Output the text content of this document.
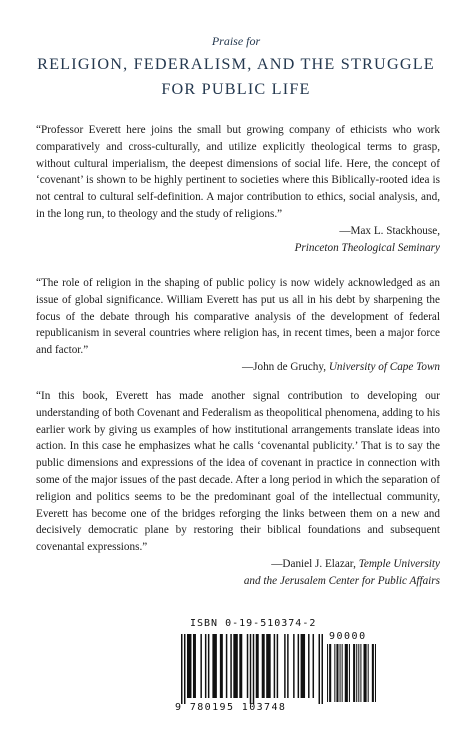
Praise for
RELIGION, FEDERALISM, AND THE STRUGGLE
FOR PUBLIC LIFE
“Professor Everett here joins the small but growing company of ethicists who work comparatively and cross-culturally, and utilize explicitly theological terms to grasp, without cultural imperialism, the deepest dimensions of social life. Here, the concept of ‘covenant’ is shown to be highly pertinent to societies where this Biblically-rooted idea is not central to cultural self-definition. A major contribution to ethics, social analysis, and, in the long run, to theology and the study of religions.”
—Max L. Stackhouse,
Princeton Theological Seminary
“The role of religion in the shaping of public policy is now widely acknowledged as an issue of global significance. William Everett has put us all in his debt by sharpening the focus of the debate through his comparative analysis of the development of federal republicanism in several countries where religion has, in recent times, been a major force and factor.”
—John de Gruchy, University of Cape Town
“In this book, Everett has made another signal contribution to developing our understanding of both Covenant and Federalism as theopolitical phenomena, adding to his earlier work by giving us examples of how institutional arrangements translate ideas into action. In this case he emphasizes what he calls ‘covenantal publicity.’ That is to say the public dimensions and expressions of the idea of covenant in practice in connection with some of the major issues of the past decade. After a long period in which the separation of religion and politics seems to be the predominant goal of the intellectual community, Everett has become one of the bridges reforging the links between them on a new and decisively democratic plane by restoring their biblical foundations and subsequent covenantal expressions.”
—Daniel J. Elazar, Temple University
and the Jerusalem Center for Public Affairs
ISBN 0-19-510374-2
90000
9 780195 103748
